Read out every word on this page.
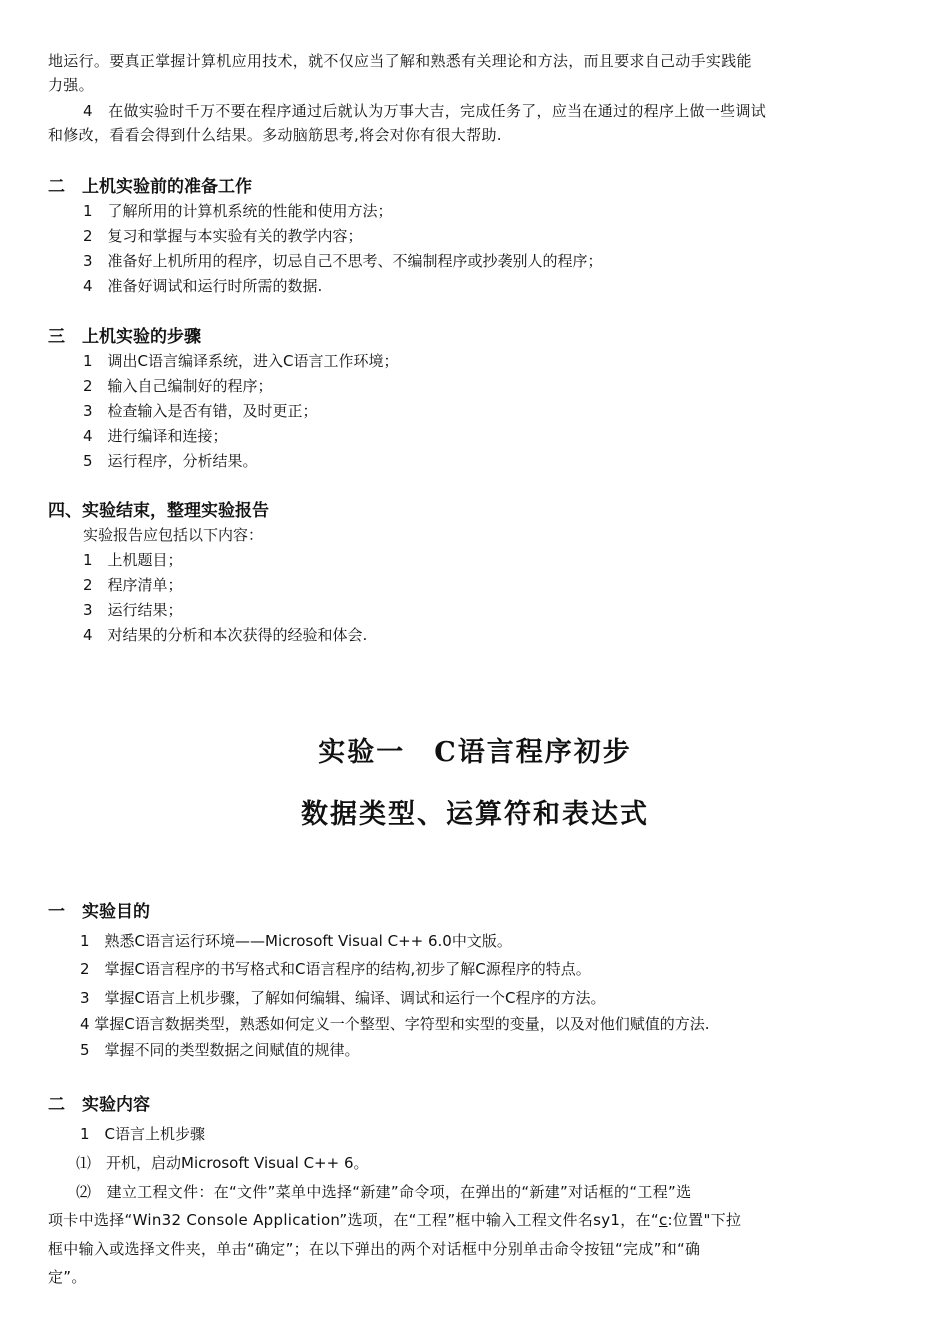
地运行。要真正掌握计算机应用技术，就不仅应当了解和熟悉有关理论和方法，而且要求自己动手实践能
力强。
4　在做实验时千万不要在程序通过后就认为万事大吉，完成任务了，应当在通过的程序上做一些调试
和修改，看看会得到什么结果。多动脑筋思考,将会对你有很大帮助.
二　上机实验前的准备工作
1　了解所用的计算机系统的性能和使用方法；
2　复习和掌握与本实验有关的教学内容；
3　准备好上机所用的程序，切忌自己不思考、不编制程序或抄袭别人的程序；
4　准备好调试和运行时所需的数据.
三　上机实验的步骤
1　调出C语言编译系统，进入C语言工作环境；
2　输入自己编制好的程序；
3　检查输入是否有错，及时更正；
4　进行编译和连接；
5　运行程序，分析结果。
四、实验结束，整理实验报告
实验报告应包括以下内容：
1　上机题目；
2　程序清单；
3　运行结果；
4　对结果的分析和本次获得的经验和体会.
实验一　C语言程序初步
数据类型、运算符和表达式
一　实验目的
1　熟悉C语言运行环境——Microsoft Visual C++ 6.0中文版。
2　掌握C语言程序的书写格式和C语言程序的结构,初步了解C源程序的特点。
3　掌握C语言上机步骤，了解如何编辑、编译、调试和运行一个C程序的方法。
4 掌握C语言数据类型，熟悉如何定义一个整型、字符型和实型的变量，以及对他们赋值的方法.
5　掌握不同的类型数据之间赋值的规律。
二　实验内容
1　C语言上机步骤
⑴　开机，启动Microsoft Visual C++ 6。
⑵　建立工程文件：在“文件”菜单中选择“新建”命令项，在弹出的“新建”对话框的“工程”选
项卡中选择“Win32 Console Application”选项，在“工程”框中输入工程文件名sy1，在“c:位置"下拉
框中输入或选择文件夹，单击“确定”；在以下弹出的两个对话框中分别单击命令按钮“完成”和“确
定”。
